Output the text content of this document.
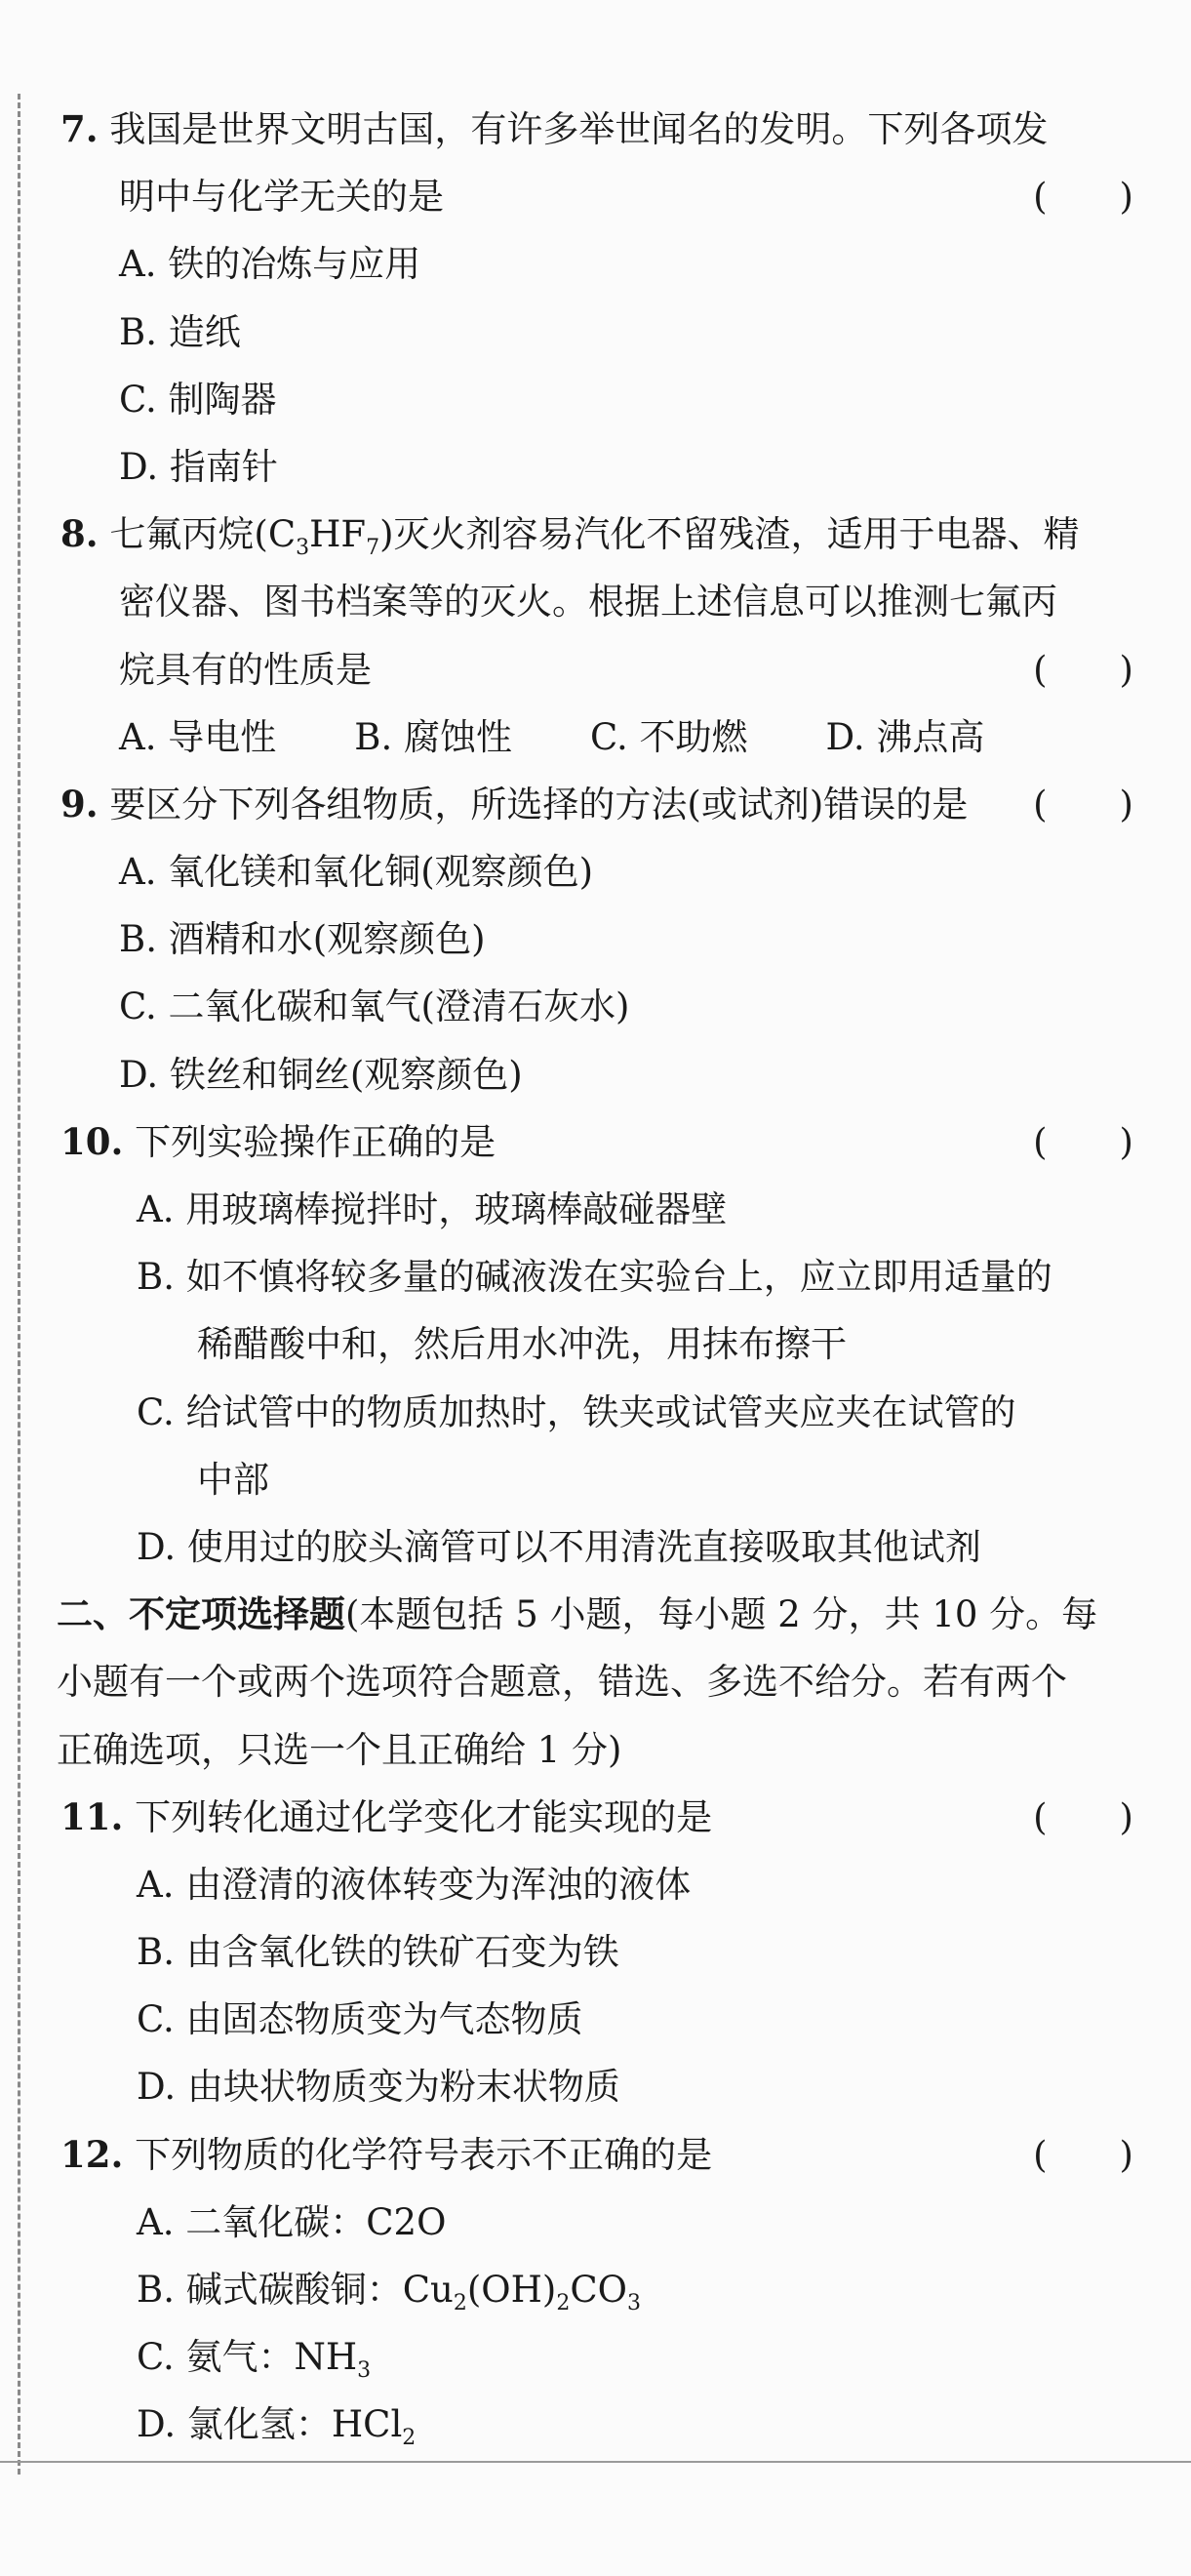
7. 我国是世界文明古国，有许多举世闻名的发明。下列各项发
明中与化学无关的是	(　　)
A. 铁的冶炼与应用
B. 造纸
C. 制陶器
D. 指南针
8. 七氟丙烷$(C_3HF_7)$灭火剂容易汽化不留残渣，适用于电器、精
密仪器、图书档案等的灭火。根据上述信息可以推测七氟丙
烷具有的性质是	(　　)
A. 导电性 B. 腐蚀性 C. 不助燃 D. 沸点高
9. 要区分下列各组物质，所选择的方法(或试剂)错误的是 (　　)
A. 氧化镁和氧化铜(观察颜色)
B. 酒精和水(观察颜色)
C. 二氧化碳和氧气(澄清石灰水)
D. 铁丝和铜丝(观察颜色)
10. 下列实验操作正确的是	(　　)
A. 用玻璃棒搅拌时，玻璃棒敲碰器壁
B. 如不慎将较多量的碱液泼在实验台上，应立即用适量的
稀醋酸中和，然后用水冲洗，用抹布擦干
C. 给试管中的物质加热时，铁夹或试管夹应夹在试管的
中部
D. 使用过的胶头滴管可以不用清洗直接吸取其他试剂
二、不定项选择题(本题包括 5 小题，每小题 2 分，共 10 分。每
小题有一个或两个选项符合题意，错选、多选不给分。若有两个
正确选项，只选一个且正确给 1 分)
11. 下列转化通过化学变化才能实现的是	(　　)
A. 由澄清的液体转变为浑浊的液体
B. 由含氧化铁的铁矿石变为铁
C. 由固态物质变为气态物质
D. 由块状物质变为粉末状物质
12. 下列物质的化学符号表示不正确的是	(　　)
A. 二氧化碳：C2O
B. 碱式碳酸铜：$Cu_2(OH)_2CO_3$
C. 氨气：$NH_3$
D. 氯化氢：HCl$_2$
